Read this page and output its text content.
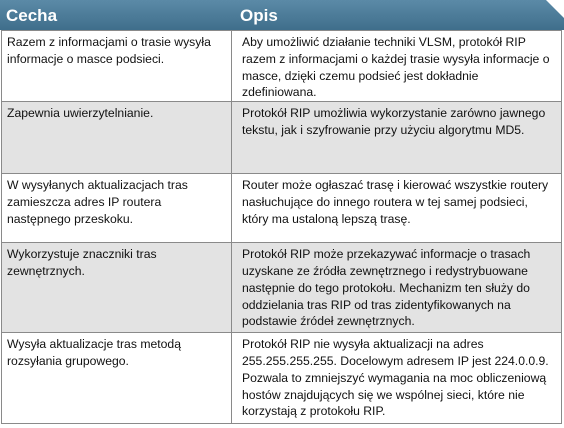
Cecha	Opis
Razem z informacjami o trasie wysyła informacje o masce podsieci.	Aby umożliwić działanie techniki VLSM, protokół RIP razem z informacjami o każdej trasie wysyła informacje o masce, dzięki czemu podsieć jest dokładnie zdefiniowana.
Zapewnia uwierzytelnianie.	Protokół RIP umożliwia wykorzystanie zarówno jawnego tekstu, jak i szyfrowanie przy użyciu algorytmu MD5.
W wysyłanych aktualizacjach tras zamieszcza adres IP routera następnego przeskoku.	Router może ogłaszać trasę i kierować wszystkie routery nasłuchujące do innego routera w tej samej podsieci, który ma ustaloną lepszą trasę.
Wykorzystuje znaczniki tras zewnętrznych.	Protokół RIP może przekazywać informacje o trasach uzyskane ze źródła zewnętrznego i redystrybuowane następnie do tego protokołu. Mechanizm ten służy do oddzielania tras RIP od tras zidentyfikowanych na podstawie źródeł zewnętrznych.
Wysyła aktualizacje tras metodą rozsyłania grupowego.	Protokół RIP nie wysyła aktualizacji na adres 255.255.255.255. Docelowym adresem IP jest 224.0.0.9. Pozwala to zmniejszyć wymagania na moc obliczeniową hostów znajdujących się we wspólnej sieci, które nie korzystają z protokołu RIP.
